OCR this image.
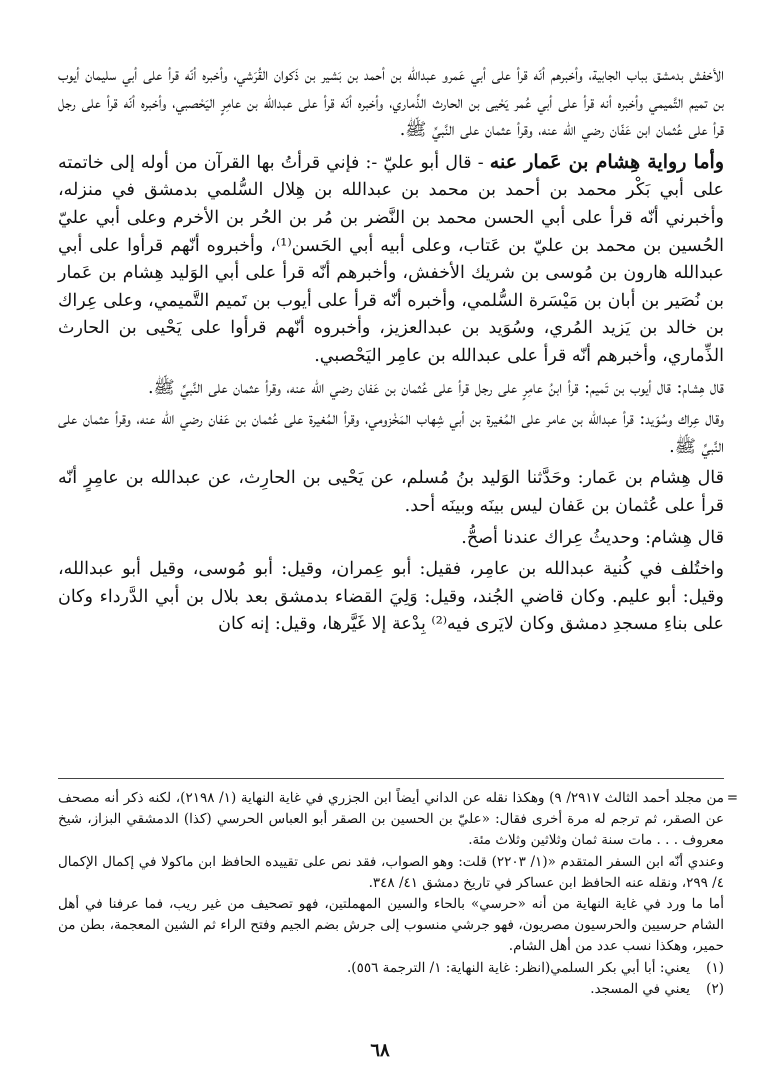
الأخفش بدمشق بباب الجابية، وأخبرهم أنّه قرأ على أبي عَمرو عبدالله بن أحمد بن بَشير بن ذَكوان القُرَشي، وأخبره أنّه قرأ على أبي سليمان أيوب بن تميم التَّميمي وأخبره أنه قرأ على أبي عُمر يَحْيى بن الحارث الذِّماري، وأخبره أنّه قرأ على عبدالله بن عامِرٍ اليَحْصبي، وأخبره أنّه قرأ على رجل قرأ على عُثمان ابن عَفّان رضي الله عنه، وقرأ عثمان على النَّبيِّ ﷺ.

وأما رواية هِشام بن عَمار عنه - قال أبو عليّ -: فإني قرأتُ بها القرآن من أوله إلى خاتمته على أبي بَكْر محمد بن أحمد بن محمد بن عبدالله بن هِلال السُّلمي بدمشق في منزله، وأخبرني أنّه قرأ على أبي الحسن محمد بن النَّضر بن مُر بن الحُر بن الأخرم وعلى أبي عليّ الحُسين بن محمد بن عليّ بن عَتاب، وعلى أبيه أبي الحَسن⁽¹⁾، وأخبروه أنّهم قرأوا على أبي عبدالله هارون بن مُوسى بن شريك الأخفش، وأخبرهم أنّه قرأ على أبي الوَليد هِشام بن عَمار بن نُصَير بن أبان بن مَيْسَرة السُّلمي، وأخبره أنّه قرأ على أيوب بن تَميم التَّميمي، وعلى عِراك بن خالد بن يَزيد المُري، وسُوَيد بن عبدالعزيز، وأخبروه أنّهم قرأوا على يَحْيى بن الحارث الذِّماري، وأخبرهم أنّه قرأ على عبدالله بن عامِر اليَحْصبي.

قال هِشام: قال أيوب بن تَميم: قرأ ابنُ عامِرٍ على رجل قرأ على عُثمان بن عَفان رضي الله عنه، وقرأ عثمان على النَّبيِّ ﷺ.

وقال عِراك وسُوَيد: قرأ عبدالله بن عامر على المُغيرة بن أبي شِهاب المَخْزومي، وقرأ المُغيرة على عُثمان بن عَفان رضي الله عنه، وقرأ عثمان على النَّبيِّ ﷺ.

قال هِشام بن عَمار: وحَدَّثنا الوَليد بنُ مُسلم، عن يَحْيى بن الحارِث، عن عبدالله بن عامِرٍ أنّه قرأ على عُثمان بن عَفان ليس بينَه وبينَه أحد.

قال هِشام: وحديثُ عِراك عندنا أصحُّ.

واختُلف في كُنية عبدالله بن عامِر، فقيل: أبو عِمران، وقيل: أبو مُوسى، وقيل أبو عبدالله، وقيل: أبو عليم. وكان قاضي الجُند، وقيل: وَلِيَ القضاء بدمشق بعد بلال بن أبي الدَّرداء وكان على بناءِ مسجدِ دمشق وكان لايَرى فيه⁽²⁾ بِدْعة إلا غَيَّرها، وقيل: إنه كان

=

من مجلد أحمد الثالث ٢٩١٧/ ٩) وهكذا نقله عن الداني أيضاً ابن الجزري في غاية النهاية (١/ ٢١٩٨)، لكنه ذكر أنه مصحف عن الصقر، ثم ترجم له مرة أخرى فقال: «عليّ بن الحسين بن الصقر أبو العباس الحرسي (كذا) الدمشقي البزاز، شيخ معروف . . . مات سنة ثمان وثلاثين وثلاث مئة.

وعندي أنّه ابن السفر المتقدم «(١/ ٢٢٠٣) قلت: وهو الصواب، فقد نص على تقييده الحافظ ابن ماكولا في إكمال الإكمال ٤/ ٢٩٩، ونقله عنه الحافظ ابن عساكر في تاريخ دمشق ٤١/ ٣٤٨.

أما ما ورد في غاية النهاية من أنه «حرسي» بالحاء والسين المهملتين، فهو تصحيف من غير ريب، فما عرفنا في أهل الشام حرسيين والحرسيون مصريون، فهو جرشي منسوب إلى جرش بضم الجيم وفتح الراء ثم الشين المعجمة، بطن من حمير، وهكذا نسب عدد من أهل الشام.

(١)
يعني: أبا أبي بكر السلمي(انظر: غاية النهاية: ١/ الترجمة ٥٥٦).
(٢)
يعني في المسجد.
٦٨
